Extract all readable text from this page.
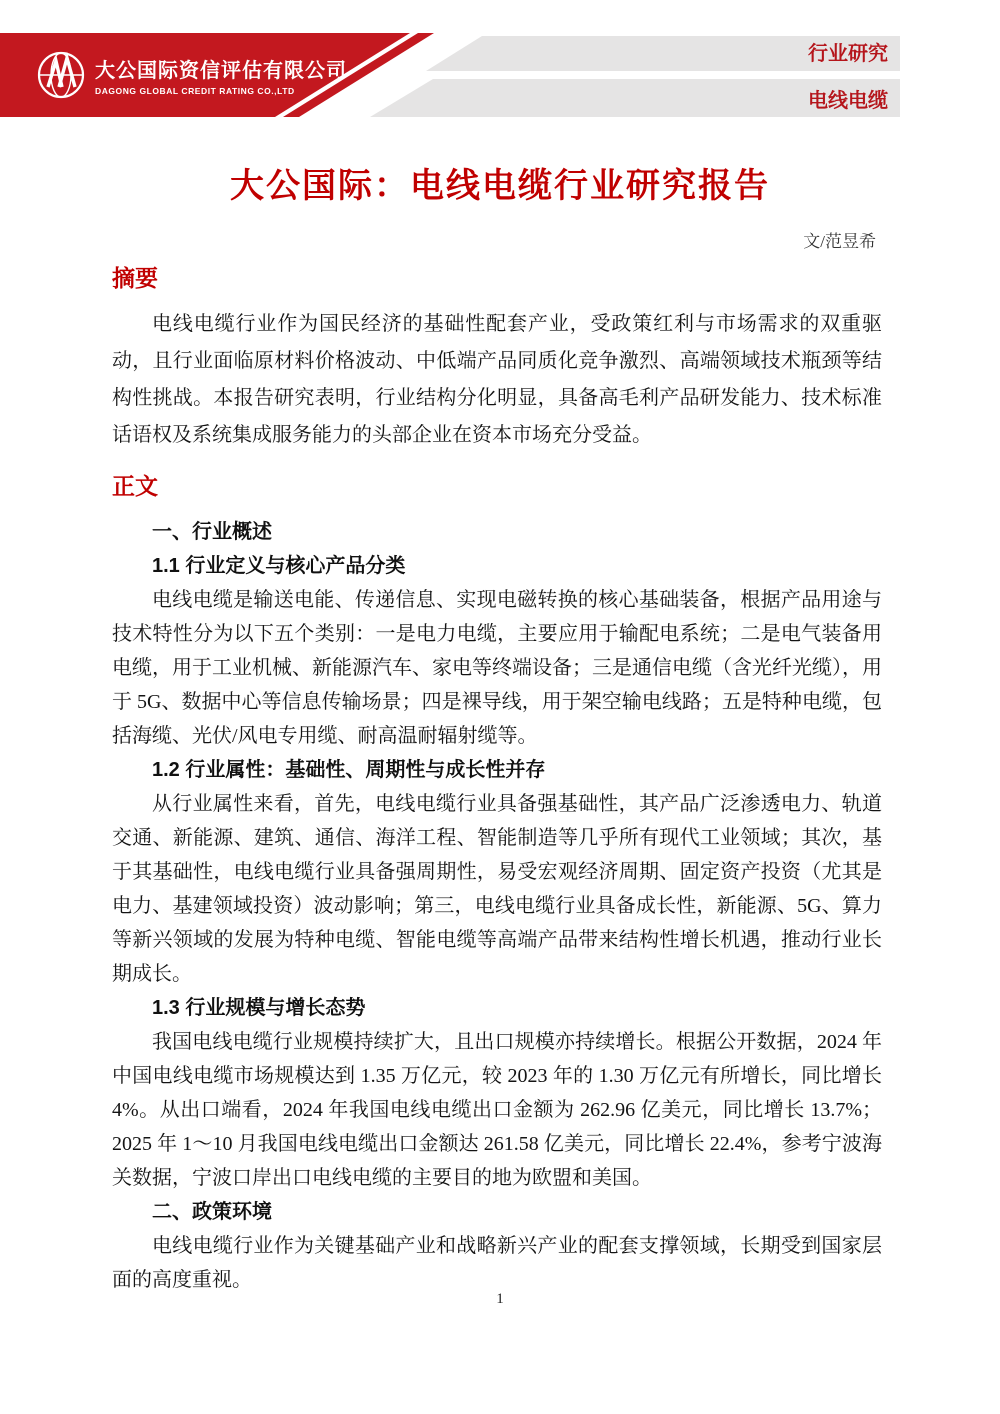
大公国际资信评估有限公司
DAGONG GLOBAL CREDIT RATING CO.,LTD
行业研究
电线电缆
大公国际：电线电缆行业研究报告
文/范昱希
摘要

电线电缆行业作为国民经济的基础性配套产业，受政策红利与市场需求的双重驱动，且行业面临原材料价格波动、中低端产品同质化竞争激烈、高端领域技术瓶颈等结构性挑战。本报告研究表明，行业结构分化明显，具备高毛利产品研发能力、技术标准话语权及系统集成服务能力的头部企业在资本市场充分受益。

正文
一、行业概述
1.1 行业定义与核心产品分类

电线电缆是输送电能、传递信息、实现电磁转换的核心基础装备，根据产品用途与技术特性分为以下五个类别：一是电力电缆，主要应用于输配电系统；二是电气装备用电缆，用于工业机械、新能源汽车、家电等终端设备；三是通信电缆（含光纤光缆），用于 5G、数据中心等信息传输场景；四是裸导线，用于架空输电线路；五是特种电缆，包括海缆、光伏/风电专用缆、耐高温耐辐射缆等。

1.2 行业属性：基础性、周期性与成长性并存

从行业属性来看，首先，电线电缆行业具备强基础性，其产品广泛渗透电力、轨道交通、新能源、建筑、通信、海洋工程、智能制造等几乎所有现代工业领域；其次，基于其基础性，电线电缆行业具备强周期性，易受宏观经济周期、固定资产投资（尤其是电力、基建领域投资）波动影响；第三，电线电缆行业具备成长性，新能源、5G、算力等新兴领域的发展为特种电缆、智能电缆等高端产品带来结构性增长机遇，推动行业长期成长。

1.3 行业规模与增长态势

我国电线电缆行业规模持续扩大，且出口规模亦持续增长。根据公开数据，2024 年中国电线电缆市场规模达到 1.35 万亿元，较 2023 年的 1.30 万亿元有所增长，同比增长 4%。从出口端看，2024 年我国电线电缆出口金额为 262.96 亿美元，同比增长 13.7%；2025 年 1～10 月我国电线电缆出口金额达 261.58 亿美元，同比增长 22.4%，参考宁波海关数据，宁波口岸出口电线电缆的主要目的地为欧盟和美国。

二、政策环境

电线电缆行业作为关键基础产业和战略新兴产业的配套支撑领域，长期受到国家层面的高度重视。

1
